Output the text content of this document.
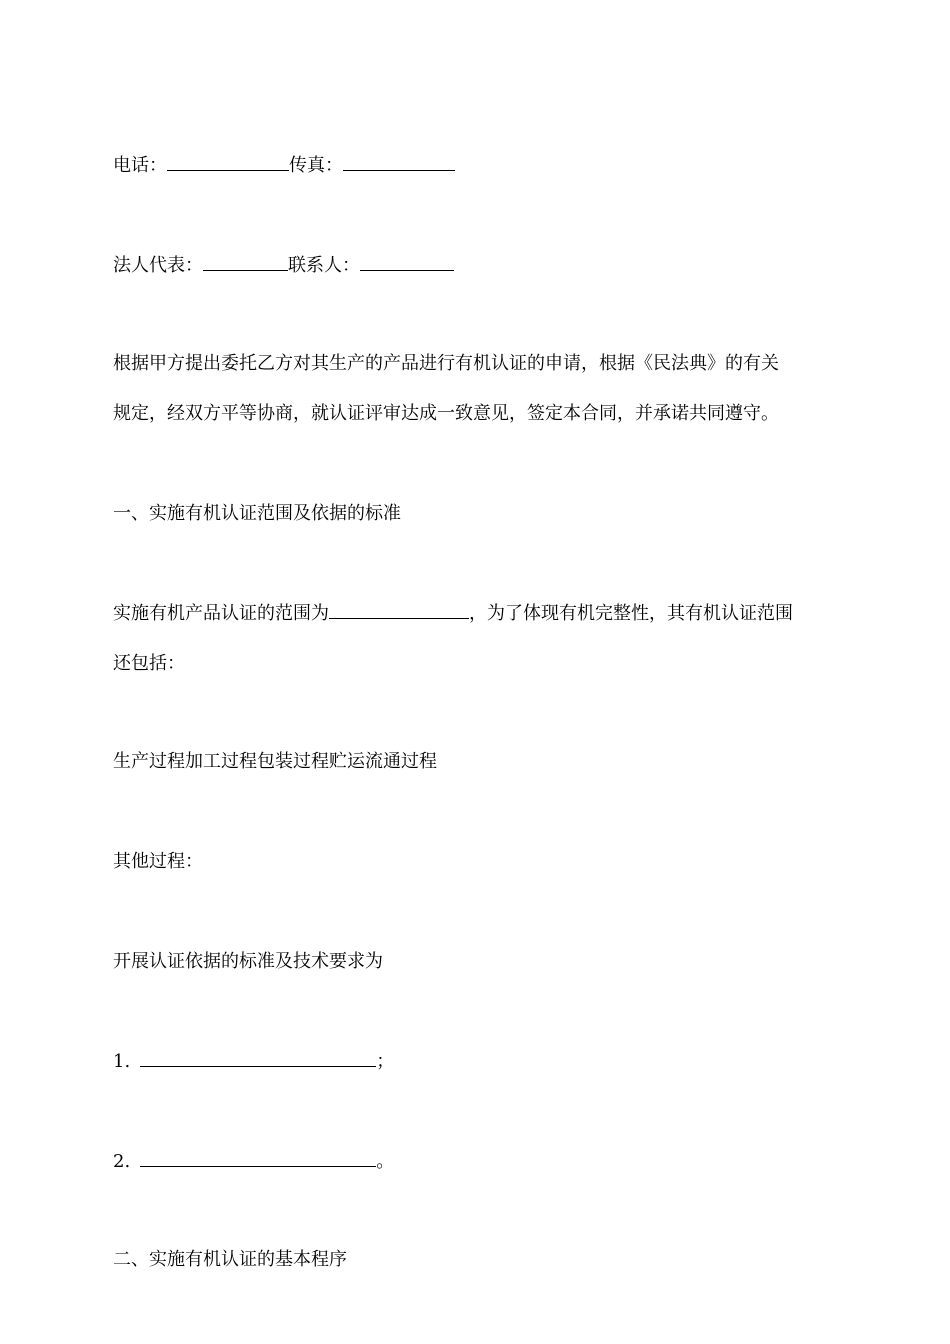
电话：	传真：
法人代表：	联系人：
根据甲方提出委托乙方对其生产的产品进行有机认证的申请，根据《民法典》的有关
规定，经双方平等协商，就认证评审达成一致意见，签定本合同，并承诺共同遵守。
一、实施有机认证范围及依据的标准
实施有机产品认证的范围为	，为了体现有机完整性，其有机认证范围
还包括：
生产过程加工过程包装过程贮运流通过程
其他过程：
开展认证依据的标准及技术要求为
1.	；
2.	。
二、实施有机认证的基本程序
